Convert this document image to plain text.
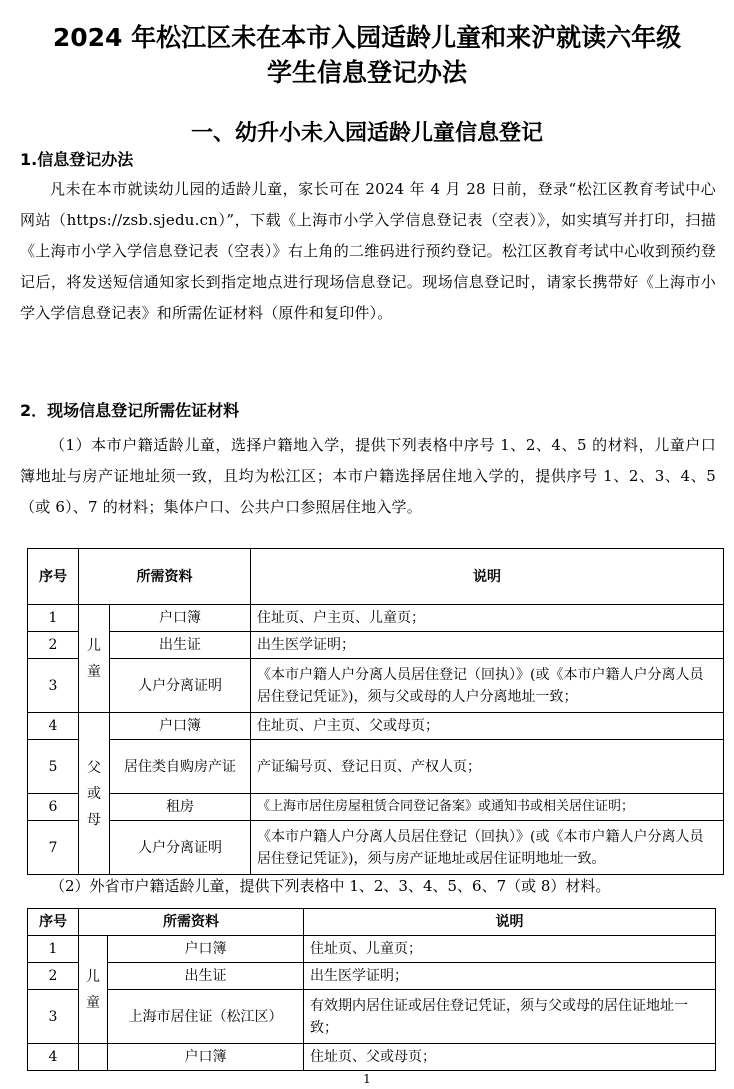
2024 年松江区未在本市入园适龄儿童和来沪就读六年级
学生信息登记办法
一、幼升小未入园适龄儿童信息登记
1.信息登记办法

凡未在本市就读幼儿园的适龄儿童，家长可在 2024 年 4 月 28 日前，登录“松江区教育考试中心网站（https://zsb.sjedu.cn）”，下载《上海市小学入学信息登记表（空表）》，如实填写并打印，扫描《上海市小学入学信息登记表（空表）》右上角的二维码进行预约登记。松江区教育考试中心收到预约登记后，将发送短信通知家长到指定地点进行现场信息登记。现场信息登记时，请家长携带好《上海市小学入学信息登记表》和所需佐证材料（原件和复印件）。

2．现场信息登记所需佐证材料

（1）本市户籍适龄儿童，选择户籍地入学，提供下列表格中序号 1、2、4、5 的材料，儿童户口簿地址与房产证地址须一致，且均为松江区；本市户籍选择居住地入学的，提供序号 1、2、3、4、5（或 6）、7 的材料；集体户口、公共户口参照居住地入学。

序号	所需资料		说明
1	儿童	户口簿	住址页、户主页、儿童页；
2		出生证	出生医学证明；
3		人户分离证明	《本市户籍人户分离人员居住登记（回执）》(或《本市户籍人户分离人员居住登记凭证》)，须与父或母的人户分离地址一致；
4	父或母	户口簿	住址页、户主页、父或母页；
5		居住类自购房产证	产证编号页、登记日页、产权人页；
6		租房	《上海市居住房屋租赁合同登记备案》或通知书或相关居住证明；
7		人户分离证明	《本市户籍人户分离人员居住登记（回执）》(或《本市户籍人户分离人员居住登记凭证》)，须与房产证地址或居住证明地址一致。

（2）外省市户籍适龄儿童，提供下列表格中 1、2、3、4、5、6、7（或 8）材料。

序号	所需资料		说明
1	儿童	户口簿	住址页、儿童页；
2		出生证	出生医学证明；
3		上海市居住证（松江区）	有效期内居住证或居住登记凭证，须与父或母的居住证地址一致；
4		户口簿	住址页、父或母页；

1
